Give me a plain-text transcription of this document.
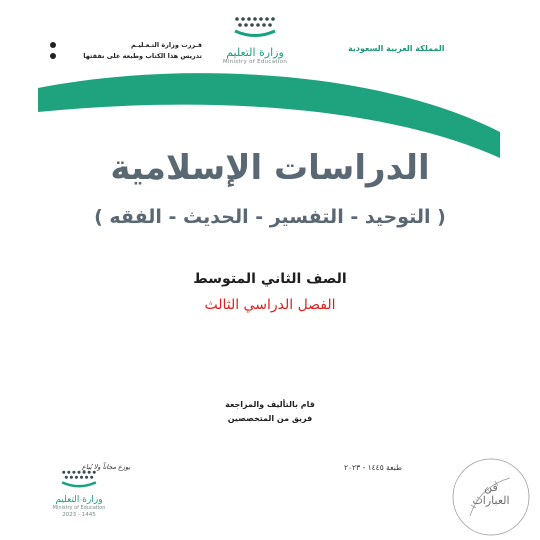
المملكة العربية السعودية
وزارة التعليم
Ministry of Education
قـررت وزارة التـعـليـم
تدريس هذا الكتاب وطبعه على نفقتها
الدراسات الإسلامية
( التوحيد - التفسير - الحديث - الفقه )
الصف الثاني المتوسط
الفصل الدراسي الثالث
قام بالتأليف والمراجعة
فريق من المتخصصين
طبعة ١٤٤٥ - ٢٠٢٣
يوزع مجاناً ولا يُباع
وزارة التعليم
Ministry of Education
2023 - 1445
فن
العبارات
